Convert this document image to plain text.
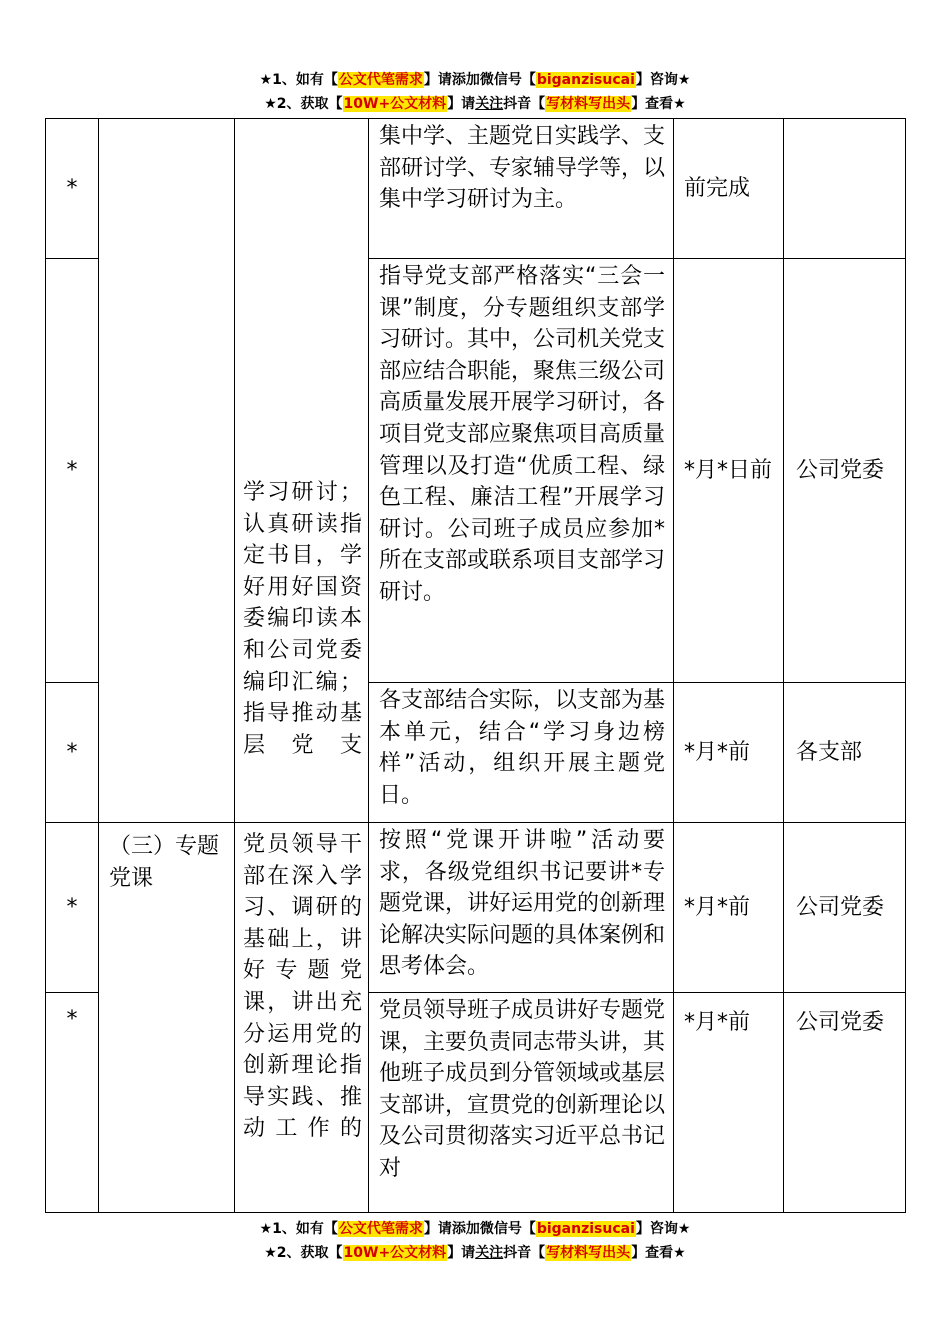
★1、如有【公文代笔需求】请添加微信号【biganzisucai】咨询★
★2、获取【10W+公文材料】请关注抖音【写材料写出头】查看★
*		学习研讨；认真研读指定书目，学好用好国资委编印读本和公司党委编印汇编；指导推动基层党支	集中学、主题党日实践学、支部研讨学、专家辅导学等，以集中学习研讨为主。	前完成	
*			指导党支部严格落实“三会一课”制度，分专题组织支部学习研讨。其中，公司机关党支部应结合职能，聚焦三级公司高质量发展开展学习研讨，各项目党支部应聚焦项目高质量管理以及打造“优质工程、绿色工程、廉洁工程”开展学习研讨。公司班子成员应参加*所在支部或联系项目支部学习研讨。	*月*日前	公司党委
*			各支部结合实际，以支部为基本单元，结合“学习身边榜样”活动，组织开展主题党日。	*月*前	各支部
*	（三）专题党课	党员领导干部在深入学习、调研的基础上，讲好专题党课，讲出充分运用党的创新理论指导实践、推动工作的	按照“党课开讲啦”活动要求，各级党组织书记要讲*专题党课，讲好运用党的创新理论解决实际问题的具体案例和思考体会。	*月*前	公司党委
*			党员领导班子成员讲好专题党课，主要负责同志带头讲，其他班子成员到分管领域或基层支部讲，宣贯党的创新理论以及公司贯彻落实习近平总书记对	*月*前	公司党委
★1、如有【公文代笔需求】请添加微信号【biganzisucai】咨询★
★2、获取【10W+公文材料】请关注抖音【写材料写出头】查看★
